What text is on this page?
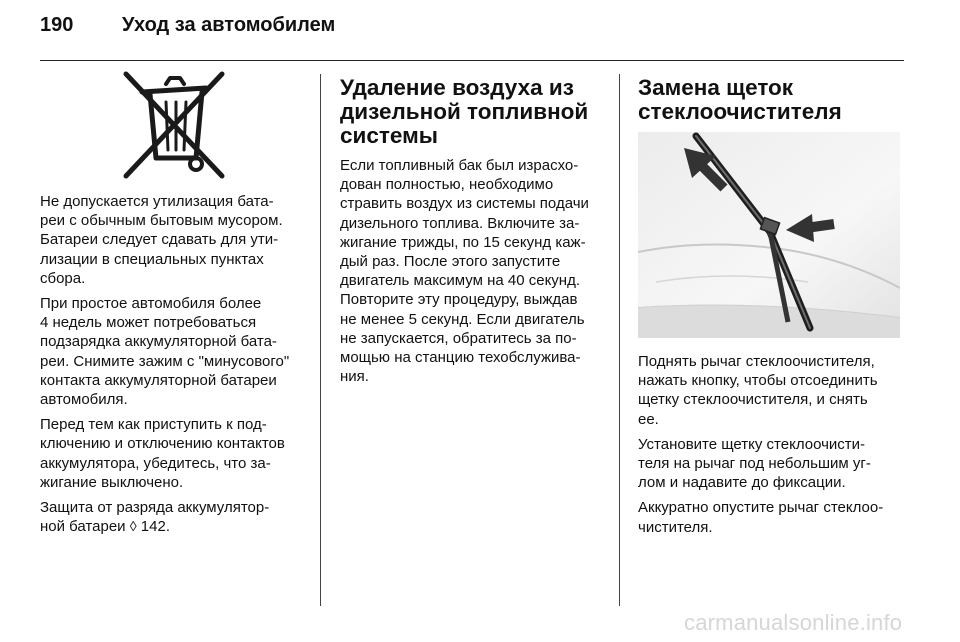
190 Уход за автомобилем

Не допускается утилизация бата-
реи с обычным бытовым мусором.
Батареи следует сдавать для ути-
лизации в специальных пунктах
сбора.

При простое автомобиля более
4 недель может потребоваться
подзарядка аккумуляторной бата-
реи. Снимите зажим с "минусового"
контакта аккумуляторной батареи
автомобиля.

Перед тем как приступить к под-
ключению и отключению контактов
аккумулятора, убедитесь, что за-
жигание выключено.

Защита от разряда аккумулятор-
ной батареи ◊ 142.

Удаление воздуха из
дизельной топливной
системы

Если топливный бак был израсхо-
дован полностью, необходимо
стравить воздух из системы подачи
дизельного топлива. Включите за-
жигание трижды, по 15 секунд каж-
дый раз. После этого запустите
двигатель максимум на 40 секунд.
Повторите эту процедуру, выждав
не менее 5 секунд. Если двигатель
не запускается, обратитесь за по-
мощью на станцию техобслужива-
ния.

Замена щеток
стеклоочистителя

Поднять рычаг стеклоочистителя,
нажать кнопку, чтобы отсоединить
щетку стеклоочистителя, и снять
ее.

Установите щетку стеклоочисти-
теля на рычаг под небольшим уг-
лом и надавите до фиксации.

Аккуратно опустите рычаг стеклоо-
чистителя.

carmanualsonline.info
